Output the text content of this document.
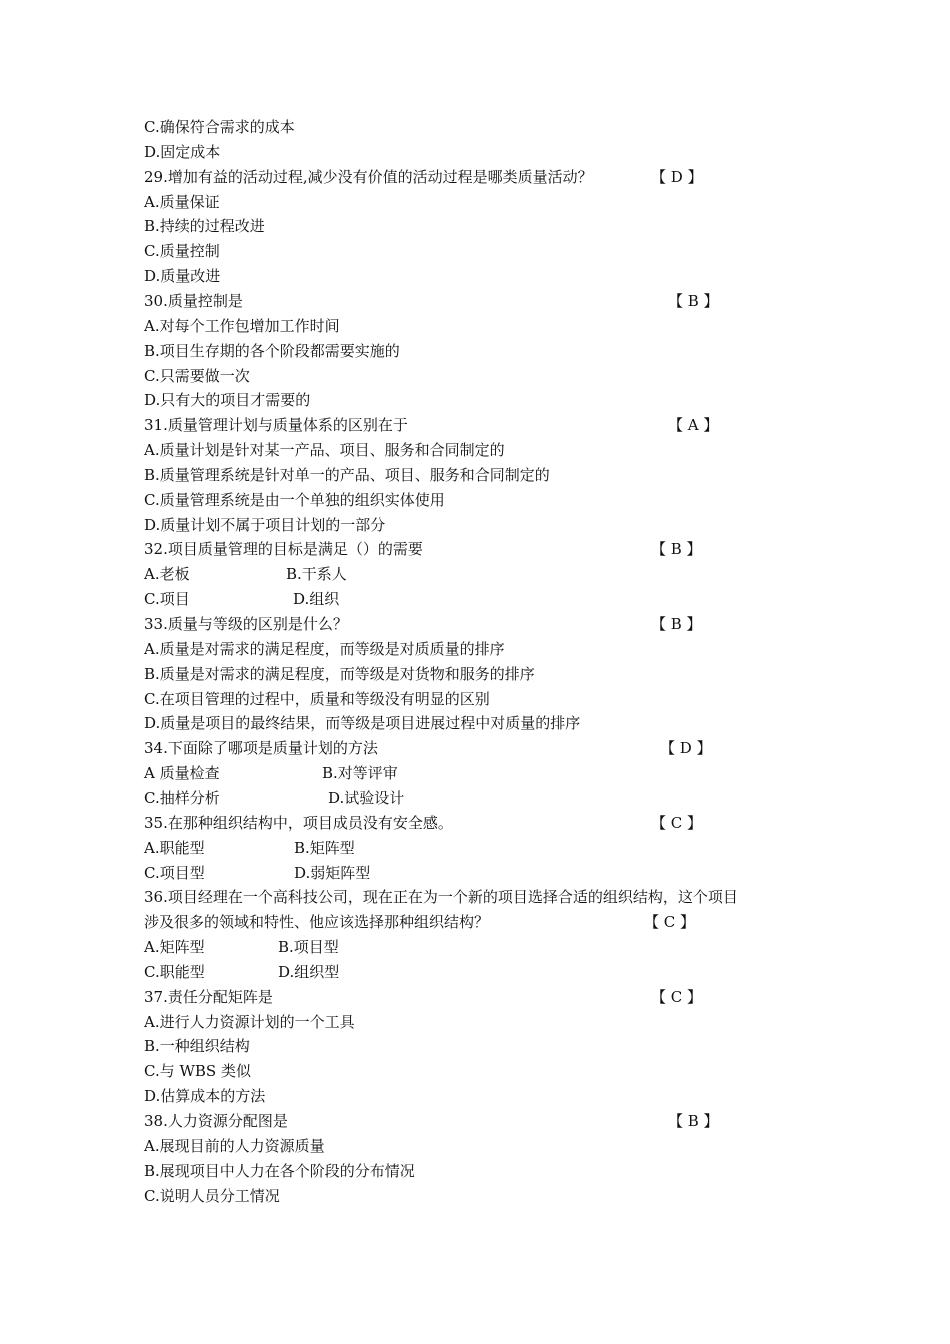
C.确保符合需求的成本
D.固定成本
29.增加有益的活动过程,减少没有价值的活动过程是哪类质量活动？	【 D 】
A.质量保证
B.持续的过程改进
C.质量控制
D.质量改进
30.质量控制是	【 B 】
A.对每个工作包增加工作时间
B.项目生存期的各个阶段都需要实施的
C.只需要做一次
D.只有大的项目才需要的
31.质量管理计划与质量体系的区别在于	【 A 】
A.质量计划是针对某一产品、项目、服务和合同制定的
B.质量管理系统是针对单一的产品、项目、服务和合同制定的
C.质量管理系统是由一个单独的组织实体使用
D.质量计划不属于项目计划的一部分
32.项目质量管理的目标是满足（）的需要	【 B 】
A.老板	B.干系人
C.项目	D.组织
33.质量与等级的区别是什么？	【 B 】
A.质量是对需求的满足程度，而等级是对质质量的排序
B.质量是对需求的满足程度，而等级是对货物和服务的排序
C.在项目管理的过程中，质量和等级没有明显的区别
D.质量是项目的最终结果，而等级是项目进展过程中对质量的排序
34.下面除了哪项是质量计划的方法	【 D 】
A 质量检查	B.对等评审
C.抽样分析	D.试验设计
35.在那种组织结构中，项目成员没有安全感。	【 C 】
A.职能型	B.矩阵型
C.项目型	D.弱矩阵型
36.项目经理在一个高科技公司，现在正在为一个新的项目选择合适的组织结构，这个项目
涉及很多的领域和特性、他应该选择那种组织结构？	【 C 】
A.矩阵型	B.项目型
C.职能型	D.组织型
37.责任分配矩阵是	【 C 】
A.进行人力资源计划的一个工具
B.一种组织结构
C.与 WBS 类似
D.估算成本的方法
38.人力资源分配图是	【 B 】
A.展现目前的人力资源质量
B.展现项目中人力在各个阶段的分布情况
C.说明人员分工情况
